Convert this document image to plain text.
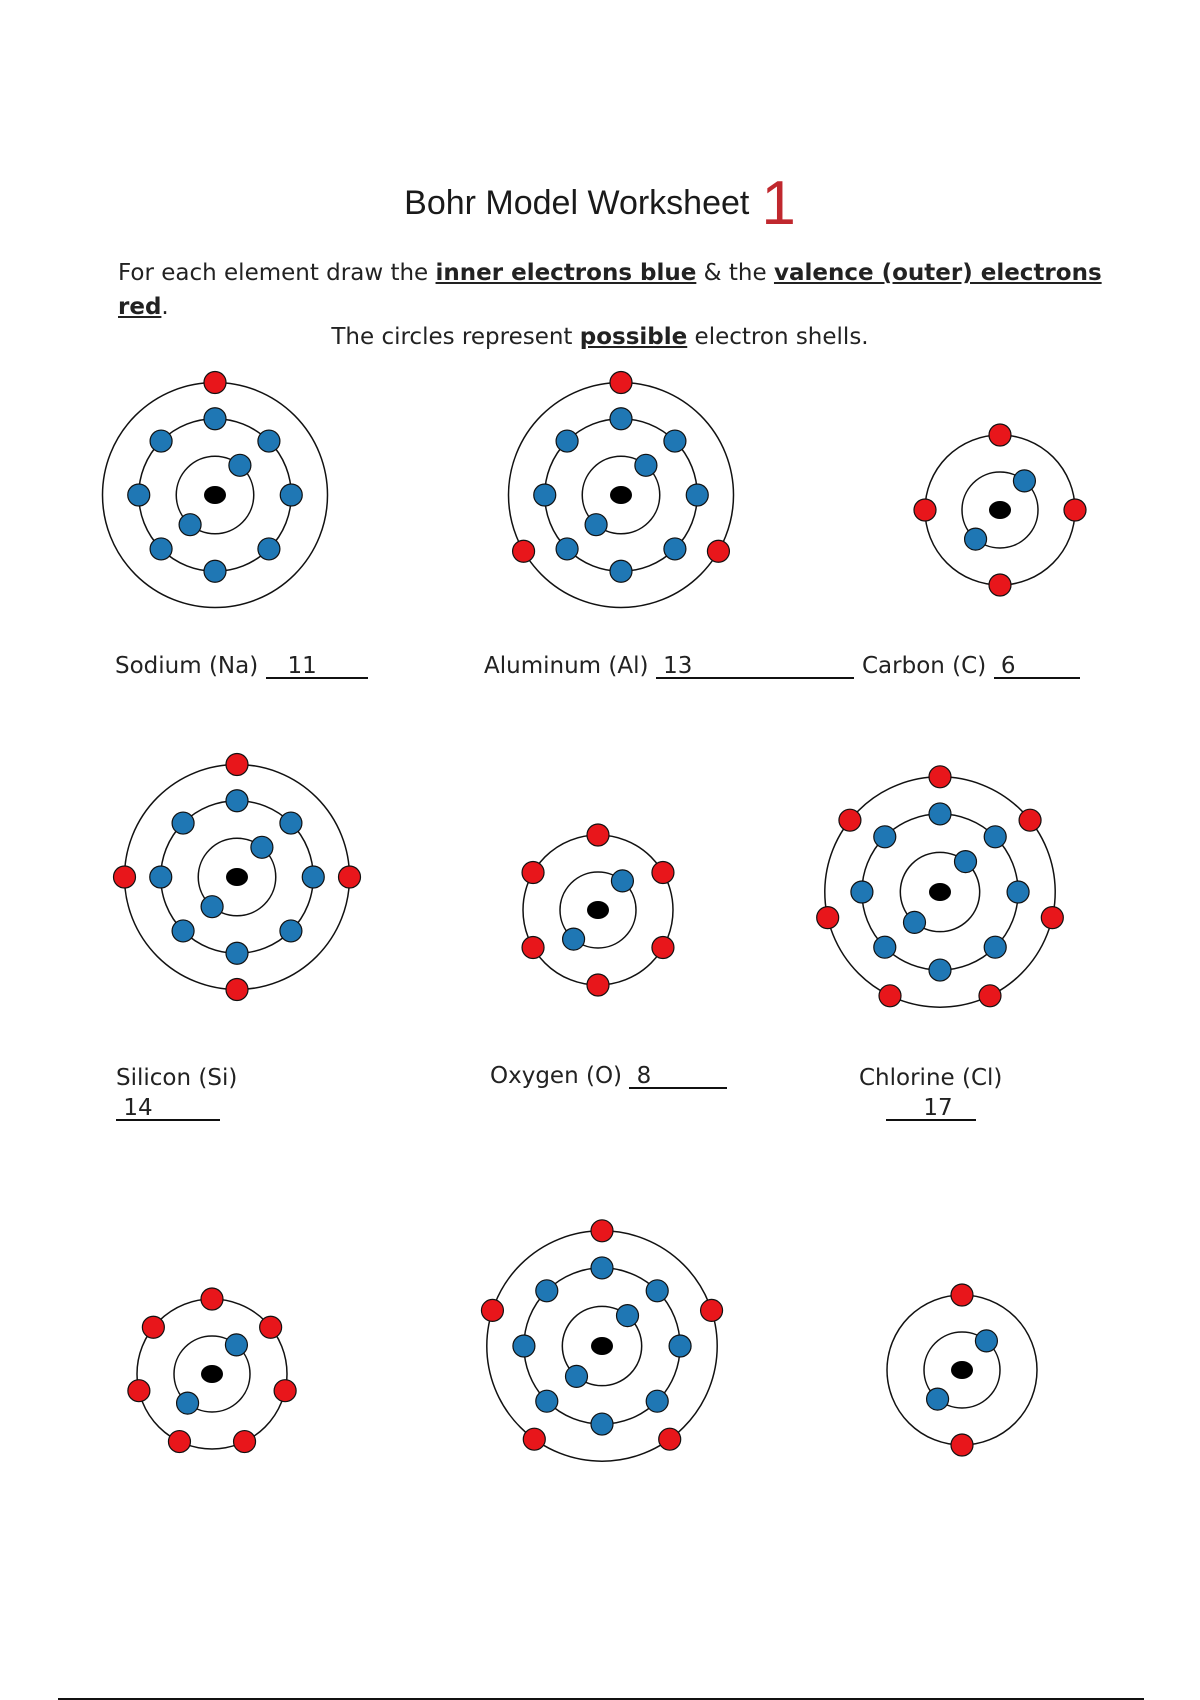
Bohr Model Worksheet 1
For each element draw the inner electrons blue & the valence (outer) electrons red.
The circles represent possible electron shells.
Sodium (Na) 11	Aluminum (Al) 13	Carbon (C) 6
Silicon (Si)
14
Oxygen (O) 8	Chlorine (Cl)
17
